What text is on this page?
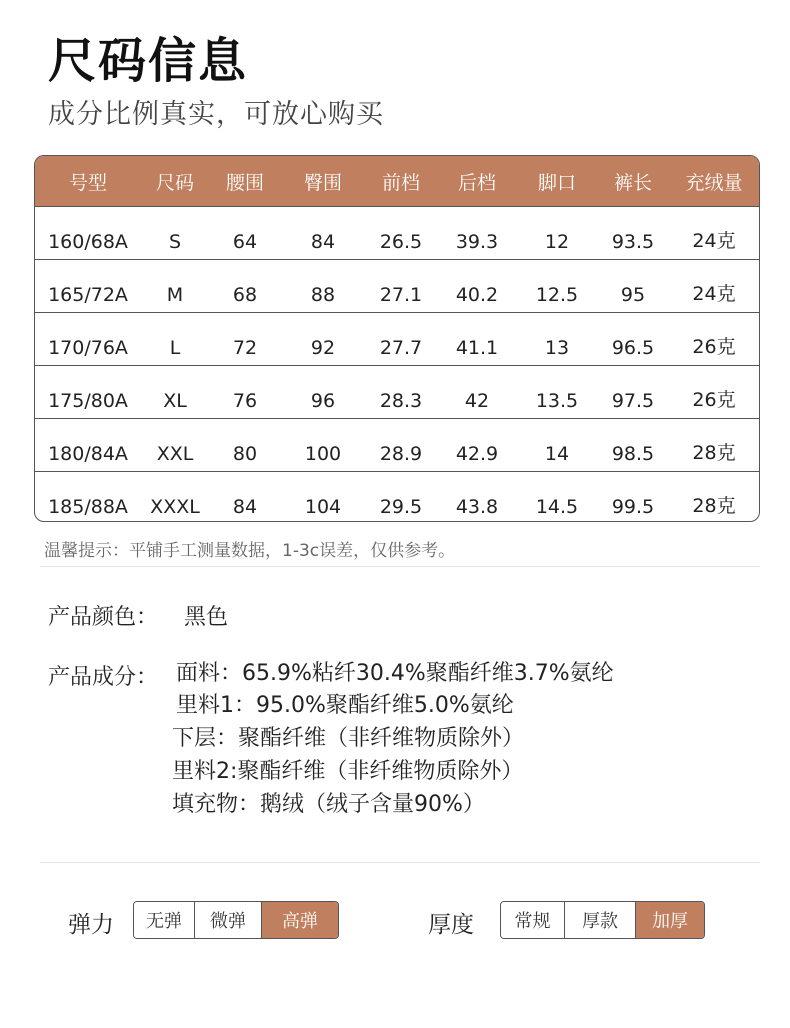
尺码信息
成分比例真实，可放心购买
号型	尺码	腰围	臀围	前档	后档	脚口	裤长	充绒量
160/68A	S	64	84	26.5	39.3	12	93.5	24克
165/72A	M	68	88	27.1	40.2	12.5	95	24克
170/76A	L	72	92	27.7	41.1	13	96.5	26克
175/80A	XL	76	96	28.3	42	13.5	97.5	26克
180/84A	XXL	80	100	28.9	42.9	14	98.5	28克
185/88A	XXXL	84	104	29.5	43.8	14.5	99.5	28克
温馨提示：平铺手工测量数据，1-3c误差，仅供参考。
产品颜色： 黑色
产品成分： 面料：65.9%粘纤30.4%聚酯纤维3.7%氨纶
里料1：95.0%聚酯纤维5.0%氨纶
下层：聚酯纤维（非纤维物质除外）
里料2:聚酯纤维（非纤维物质除外）
填充物：鹅绒（绒子含量90%）
弹力	无弹	微弹	高弹	厚度	常规	厚款	加厚
